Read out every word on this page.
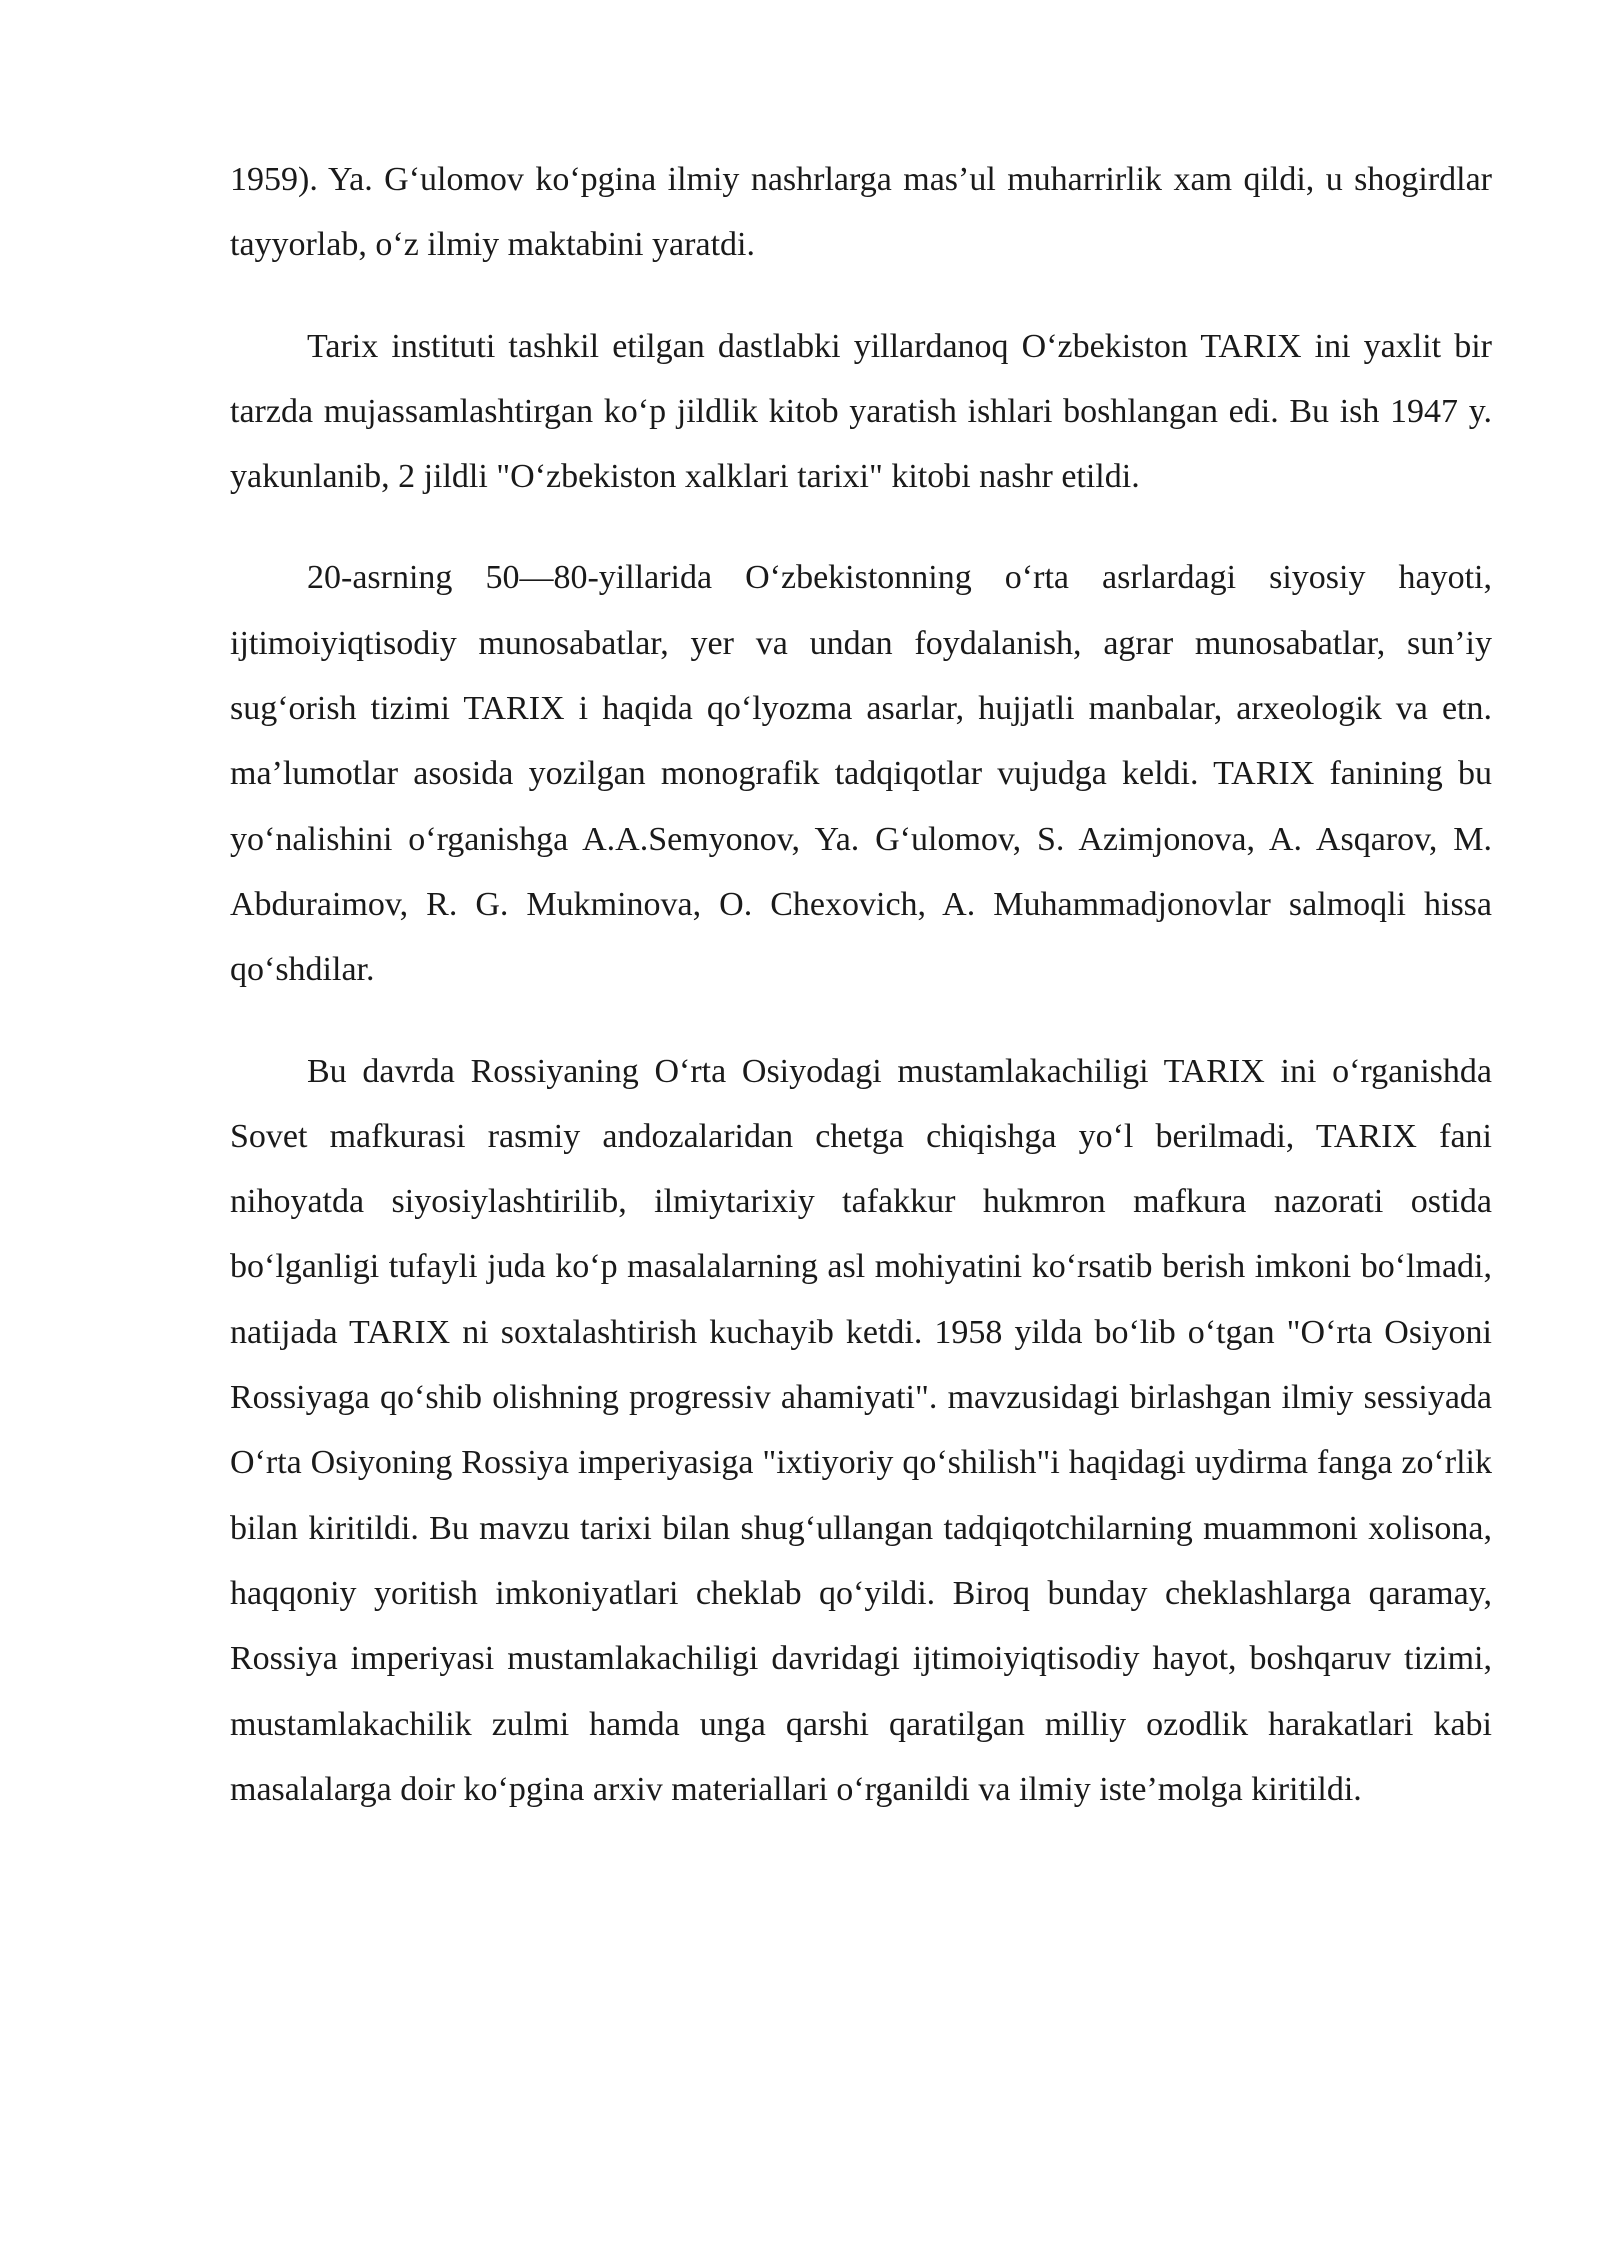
1959). Ya. G‘ulomov ko‘pgina ilmiy nashrlarga mas’ul muharrirlik xam qildi, u shogirdlar tayyorlab, o‘z ilmiy maktabini yaratdi.

Tarix instituti tashkil etilgan dastlabki yillardanoq O‘zbekiston TARIX ini yaxlit bir tarzda mujassamlashtirgan ko‘p jildlik kitob yaratish ishlari boshlangan edi. Bu ish 1947 y. yakunlanib, 2 jildli "O‘zbekiston xalklari tarixi" kitobi nashr etildi.

20-asrning 50—80-yillarida O‘zbekistonning o‘rta asrlardagi siyosiy hayoti, ijtimoiyiqtisodiy munosabatlar, yer va undan foydalanish, agrar munosabatlar, sun’iy sug‘orish tizimi TARIX i haqida qo‘lyozma asarlar, hujjatli manbalar, arxeologik va etn. ma’lumotlar asosida yozilgan monografik tadqiqotlar vujudga keldi. TARIX fanining bu yo‘nalishini o‘rganishga A.A.Semyonov, Ya. G‘ulomov, S. Azimjonova, A. Asqarov, M. Abduraimov, R. G. Mukminova, O. Chexovich, A. Muhammadjonovlar salmoqli hissa qo‘shdilar.

Bu davrda Rossiyaning O‘rta Osiyodagi mustamlakachiligi TARIX ini o‘rganishda Sovet mafkurasi rasmiy andozalaridan chetga chiqishga yo‘l berilmadi, TARIX fani nihoyatda siyosiylashtirilib, ilmiytarixiy tafakkur hukmron mafkura nazorati ostida bo‘lganligi tufayli juda ko‘p masalalarning asl mohiyatini ko‘rsatib berish imkoni bo‘lmadi, natijada TARIX ni soxtalashtirish kuchayib ketdi. 1958 yilda bo‘lib o‘tgan "O‘rta Osiyoni Rossiyaga qo‘shib olishning progressiv ahamiyati". mavzusidagi birlashgan ilmiy sessiyada O‘rta Osiyoning Rossiya imperiyasiga "ixtiyoriy qo‘shilish"i haqidagi uydirma fanga zo‘rlik bilan kiritildi. Bu mavzu tarixi bilan shug‘ullangan tadqiqotchilarning muammoni xolisona, haqqoniy yoritish imkoniyatlari cheklab qo‘yildi. Biroq bunday cheklashlarga qaramay, Rossiya imperiyasi mustamlakachiligi davridagi ijtimoiyiqtisodiy hayot, boshqaruv tizimi, mustamlakachilik zulmi hamda unga qarshi qaratilgan milliy ozodlik harakatlari kabi masalalarga doir ko‘pgina arxiv materiallari o‘rganildi va ilmiy iste’molga kiritildi.
